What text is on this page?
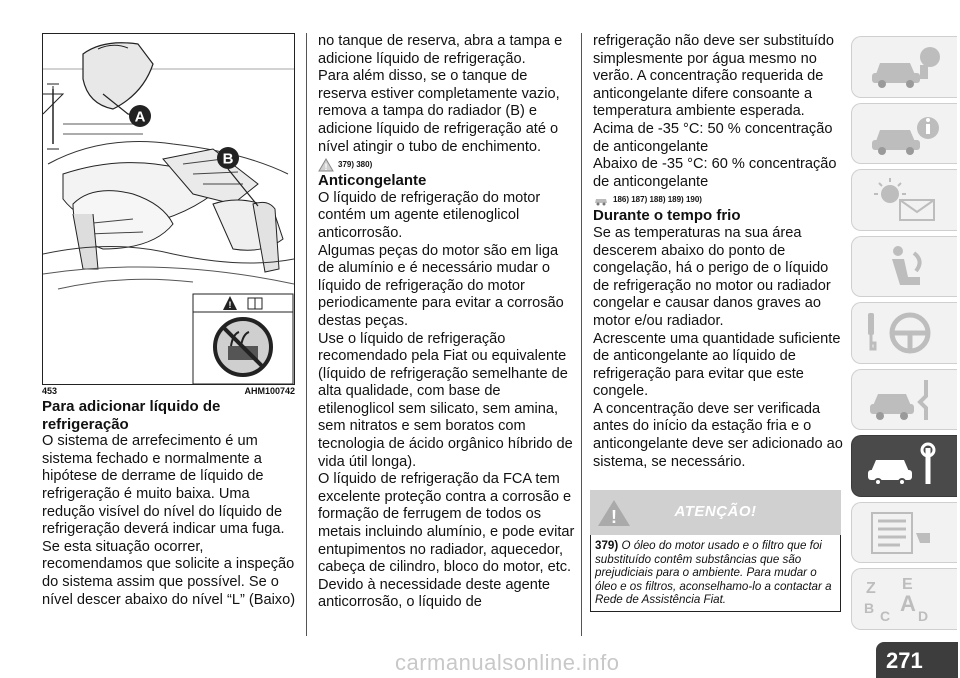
A
B
!
453	AHM100742

Para adicionar líquido de refrigeração

O sistema de arrefecimento é um sistema fechado e normalmente a hipótese de derrame de líquido de refrigeração é muito baixa. Uma redução visível do nível do líquido de refrigeração deverá indicar uma fuga. Se esta situação ocorrer, recomendamos que solicite a inspeção do sistema assim que possível. Se o nível descer abaixo do nível “L” (Baixo)

no tanque de reserva, abra a tampa e adicione líquido de refrigeração.

Para além disso, se o tanque de reserva estiver completamente vazio, remova a tampa do radiador (B) e adicione líquido de refrigeração até o nível atingir o tubo de enchimento.

! 379) 380)

Anticongelante

O líquido de refrigeração do motor contém um agente etilenoglicol anticorrosão.

Algumas peças do motor são em liga de alumínio e é necessário mudar o líquido de refrigeração do motor periodicamente para evitar a corrosão destas peças.

Use o líquido de refrigeração recomendado pela Fiat ou equivalente (líquido de refrigeração semelhante de alta qualidade, com base de etilenoglicol sem silicato, sem amina, sem nitratos e sem boratos com tecnologia de ácido orgânico híbrido de vida útil longa).

O líquido de refrigeração da FCA tem excelente proteção contra a corrosão e formação de ferrugem de todos os metais incluindo alumínio, e pode evitar entupimentos no radiador, aquecedor, cabeça de cilindro, bloco do motor, etc.

Devido à necessidade deste agente anticorrosão, o líquido de

refrigeração não deve ser substituído simplesmente por água mesmo no verão. A concentração requerida de anticongelante difere consoante a temperatura ambiente esperada.

Acima de -35 °C: 50 % concentração de anticongelante

Abaixo de -35 °C: 60 % concentração de anticongelante

186) 187) 188) 189) 190)

Durante o tempo frio

Se as temperaturas na sua área descerem abaixo do ponto de congelação, há o perigo de o líquido de refrigeração no motor ou radiador congelar e causar danos graves ao motor e/ou radiador.

Acrescente uma quantidade suficiente de anticongelante ao líquido de refrigeração para evitar que este congele.

A concentração deve ser verificada antes do início da estação fria e o anticongelante deve ser adicionado ao sistema, se necessário.

!	ATENÇÃO!
379) O óleo do motor usado e o filtro que foi substituído contêm substâncias que são prejudiciais para o ambiente. Para mudar o óleo e os filtros, aconselhamo-lo a contactar a Rede de Assistência Fiat.
Z E
B A
C D
carmanualsonline.info	271
